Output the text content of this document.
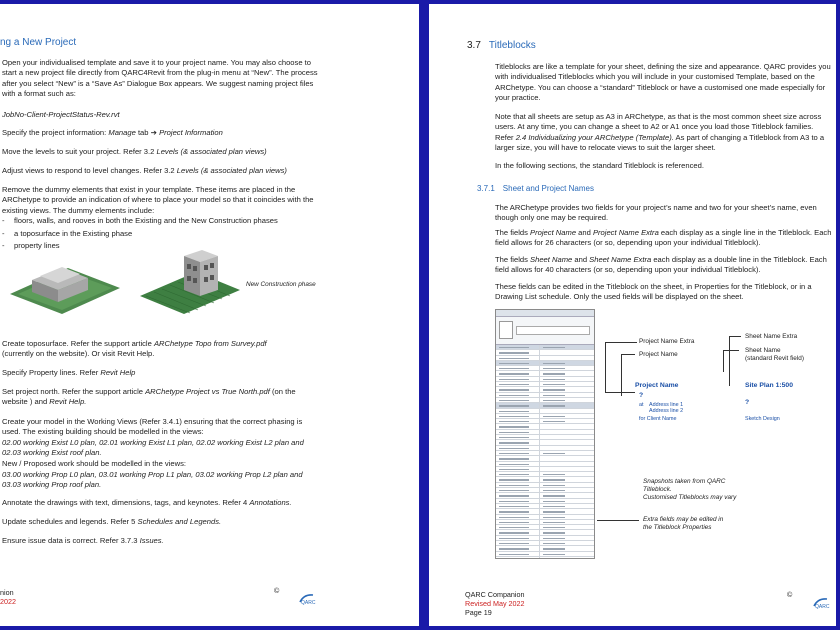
ng a New Project
Open your individualised template and save it to your project name. You may also choose to start a new project file directly from QARC4Revit from the plug-in menu at “New”. The process after you select “New” is a “Save As” Dialogue Box appears. We suggest naming project files with a format such as:
JobNo-Client-ProjectStatus-Rev.rvt
Specify the project information: Manage tab ➔ Project Information
Move the levels to suit your project. Refer 3.2 Levels (& associated plan views)
Adjust views to respond to level changes. Refer 3.2 Levels (& associated plan views)
Remove the dummy elements that exist in your template. These items are placed in the ARChetype to provide an indication of where to place your model so that it coincides with the existing views. The dummy elements include:
- floors, walls, and rooves in both the Existing and the New Construction phases
- a toposurface in the Existing phase
- property lines
New Construction phase
Create toposurface. Refer the support article ARChetype Topo from Survey.pdf
(currently on the website). Or visit Revit Help.
Specify Property lines. Refer Revit Help
Set project north. Refer the support article ARChetype Project vs True North.pdf (on the website ) and Revit Help.
Create your model in the Working Views (Refer 3.4.1) ensuring that the correct phasing is used. The existing building should be modelled in the views:
02.00 working Exist L0 plan, 02.01 working Exist L1 plan, 02.02 working Exist L2 plan and 02.03 working Exist roof plan.
New / Proposed work should be modelled in the views:
03.00 working Prop L0 plan, 03.01 working Prop L1 plan, 03.02 working Prop L2 plan and 03.03 working Prop roof plan.
Annotate the drawings with text, dimensions, tags, and keynotes. Refer 4 Annotations.
Update schedules and legends. Refer 5 Schedules and Legends.
Ensure issue data is correct. Refer 3.7.3 Issues.
nion
2022
©
QARC
3.7 Titleblocks
Titleblocks are like a template for your sheet, defining the size and appearance. QARC provides you with individualised Titleblocks which you will include in your customised Template, based on the ARChetype. You can choose a “standard” Titleblock or have a customised one made especially for your practice.
Note that all sheets are setup as A3 in ARChetype, as that is the most common sheet size across users. At any time, you can change a sheet to A2 or A1 once you load those Titleblock families. Refer 2.4 Individualizing your ARChetype (Template). As part of changing a Titleblock from A3 to a larger size, you will have to relocate views to suit the larger sheet.
In the following sections, the standard Titleblock is referenced.
3.7.1 Sheet and Project Names
The ARChetype provides two fields for your project’s name and two for your sheet’s name, even though only one may be required.
The fields Project Name and Project Name Extra each display as a single line in the Titleblock. Each field allows for 26 characters (or so, depending upon your individual Titleblock).
The fields Sheet Name and Sheet Name Extra each display as a double line in the Titleblock. Each field allows for 40 characters (or so, depending upon your individual Titleblock).
These fields can be edited in the Titleblock on the sheet, in Properties for the Titleblock, or in a Drawing List schedule. Only the used fields will be displayed on the sheet.
Project Name Extra
Project Name
Sheet Name Extra
Sheet Name
(standard Revit field)
Project Name
?
at Address line 1
Address line 2
for Client Name
Site Plan 1:500
?
Sketch Design
Snapshots taken from QARC
Titleblock.
Customised Titleblocks may vary
Extra fields may be edited in
the Titleblock Properties
QARC Companion
Revised May 2022
Page 19
©
QARC
